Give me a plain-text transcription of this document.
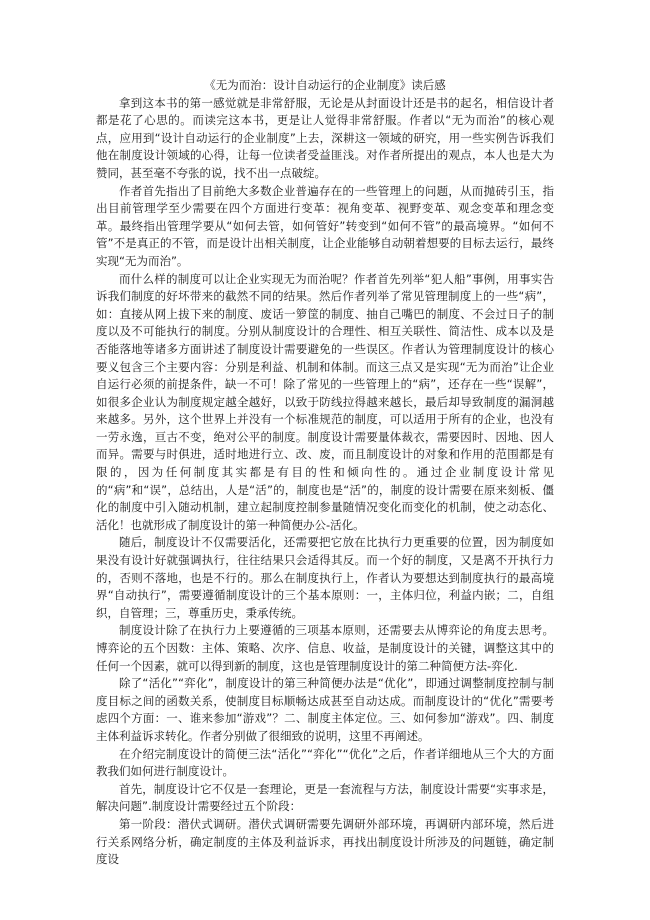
《无为而治：设计自动运行的企业制度》读后感

拿到这本书的第一感觉就是非常舒服，无论是从封面设计还是书的起名，相信设计者都是花了心思的。而读完这本书，更是让人觉得非常舒服。作者以“无为而治”的核心观点，应用到“设计自动运行的企业制度”上去，深耕这一领域的研究，用一些实例告诉我们他在制度设计领域的心得，让每一位读者受益匪浅。对作者所提出的观点，本人也是大为赞同，甚至毫不夸张的说，找不出一点破绽。

作者首先指出了目前绝大多数企业普遍存在的一些管理上的问题，从而抛砖引玉，指出目前管理学至少需要在四个方面进行变革：视角变革、视野变革、观念变革和理念变革。最终指出管理学要从“如何去管，如何管好”转变到“如何不管”的最高境界。“如何不管”不是真正的不管，而是设计出相关制度，让企业能够自动朝着想要的目标去运行，最终实现“无为而治”。

而什么样的制度可以让企业实现无为而治呢？作者首先列举“犯人船”事例，用事实告诉我们制度的好坏带来的截然不同的结果。然后作者列举了常见管理制度上的一些“病”，如：直接从网上拔下来的制度、废话一箩筐的制度、抽自己嘴巴的制度、不会过日子的制度以及不可能执行的制度。分别从制度设计的合理性、相互关联性、简洁性、成本以及是否能落地等诸多方面讲述了制度设计需要避免的一些误区。作者认为管理制度设计的核心要义包含三个主要内容：分别是利益、机制和体制。而这三点又是实现“无为而治”让企业自运行必须的前提条件，缺一不可！除了常见的一些管理上的“病”，还存在一些“误解”，如很多企业认为制度规定越全越好，以致于防线拉得越来越长，最后却导致制度的漏洞越来越多。另外，这个世界上并没有一个标准规范的制度，可以适用于所有的企业，也没有一劳永逸，亘古不变，绝对公平的制度。制度设计需要量体裁衣，需要因时、因地、因人而异。需要与时俱进，适时地进行立、改、废，而且制度设计的对象和作用的范围都是有限的，因为任何制度其实都是有目的性和倾向性的。通过企业制度设计常见的“病”和“误”，总结出，人是“活”的，制度也是“活”的，制度的设计需要在原来刻板、僵化的制度中引入随动机制，建立起制度控制参量随情况变化而变化的机制，使之动态化、活化！也就形成了制度设计的第一种简便办公-活化。

随后，制度设计不仅需要活化，还需要把它放在比执行力更重要的位置，因为制度如果没有设计好就强调执行，往往结果只会适得其反。而一个好的制度，又是离不开执行力的，否则不落地，也是不行的。那么在制度执行上，作者认为要想达到制度执行的最高境界“自动执行”，需要遵循制度设计的三个基本原则：一，主体归位，利益内嵌；二，自组织，自管理；三，尊重历史，秉承传统。

制度设计除了在执行力上要遵循的三项基本原则，还需要去从博弈论的角度去思考。博弈论的五个因数：主体、策略、次序、信息、收益，是制度设计的关键，调整这其中的任何一个因素，就可以得到新的制度，这也是管理制度设计的第二种简便方法-弈化.

除了“活化”“弈化”，制度设计的第三种简便办法是“优化”，即通过调整制度控制与制度目标之间的函数关系，使制度目标顺畅达成甚至自动达成。而制度设计的“优化”需要考虑四个方面：一、谁来参加“游戏”？二、制度主体定位。三、如何参加“游戏”。四、制度主体利益诉求转化。作者分别做了很细致的说明，这里不再阐述。

在介绍完制度设计的简便三法“活化”“弈化”“优化”之后，作者详细地从三个大的方面教我们如何进行制度设计。

首先，制度设计它不仅是一套理论，更是一套流程与方法，制度设计需要“实事求是，解决问题”.制度设计需要经过五个阶段：

第一阶段：潜伏式调研。潜伏式调研需要先调研外部环境，再调研内部环境，然后进行关系网络分析，确定制度的主体及利益诉求，再找出制度设计所涉及的问题链，确定制度设
